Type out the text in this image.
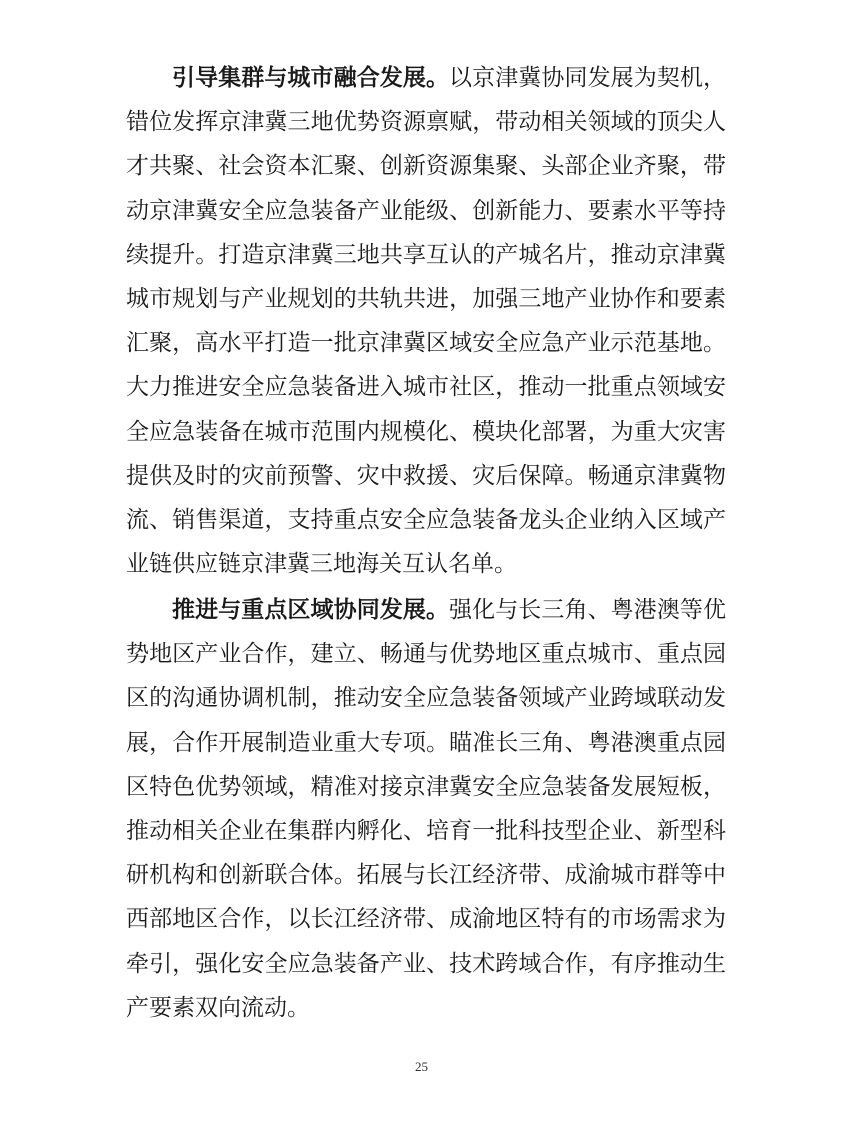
引导集群与城市融合发展。以京津冀协同发展为契机，
错位发挥京津冀三地优势资源禀赋，带动相关领域的顶尖人
才共聚、社会资本汇聚、创新资源集聚、头部企业齐聚，带
动京津冀安全应急装备产业能级、创新能力、要素水平等持
续提升。打造京津冀三地共享互认的产城名片，推动京津冀
城市规划与产业规划的共轨共进，加强三地产业协作和要素
汇聚，高水平打造一批京津冀区域安全应急产业示范基地。
大力推进安全应急装备进入城市社区，推动一批重点领域安
全应急装备在城市范围内规模化、模块化部署，为重大灾害
提供及时的灾前预警、灾中救援、灾后保障。畅通京津冀物
流、销售渠道，支持重点安全应急装备龙头企业纳入区域产
业链供应链京津冀三地海关互认名单。
推进与重点区域协同发展。强化与长三角、粤港澳等优
势地区产业合作，建立、畅通与优势地区重点城市、重点园
区的沟通协调机制，推动安全应急装备领域产业跨域联动发
展，合作开展制造业重大专项。瞄准长三角、粤港澳重点园
区特色优势领域，精准对接京津冀安全应急装备发展短板，
推动相关企业在集群内孵化、培育一批科技型企业、新型科
研机构和创新联合体。拓展与长江经济带、成渝城市群等中
西部地区合作，以长江经济带、成渝地区特有的市场需求为
牵引，强化安全应急装备产业、技术跨域合作，有序推动生
产要素双向流动。
25
